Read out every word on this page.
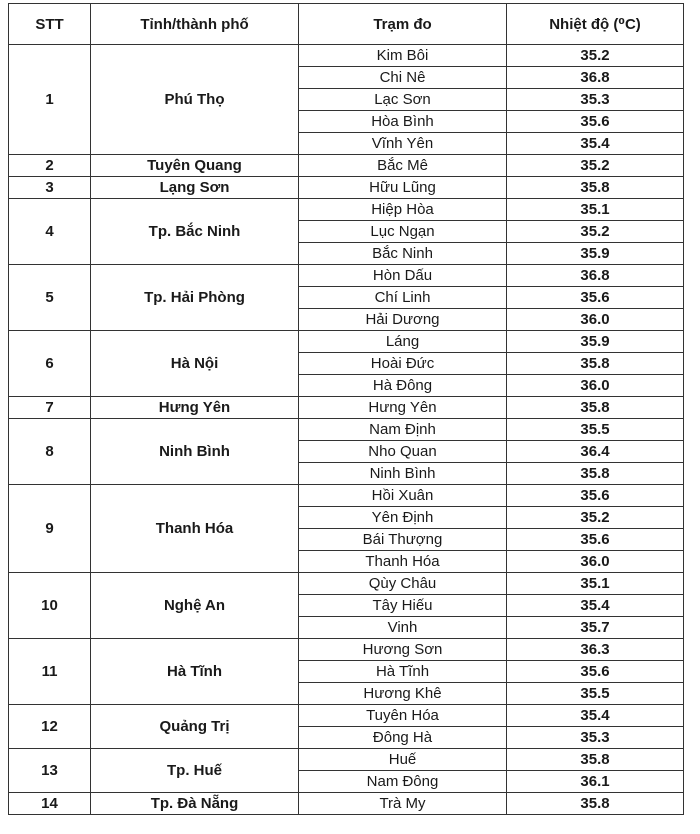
STT	Tỉnh/thành phố	Trạm đo	Nhiệt độ (⁰C)
1	Phú Thọ	Kim Bôi	35.2
		Chi Nê	36.8
		Lạc Sơn	35.3
		Hòa Bình	35.6
		Vĩnh Yên	35.4
2	Tuyên Quang	Bắc Mê	35.2
3	Lạng Sơn	Hữu Lũng	35.8
4	Tp. Bắc Ninh	Hiệp Hòa	35.1
		Lục Ngạn	35.2
		Bắc Ninh	35.9
5	Tp. Hải Phòng	Hòn Dấu	36.8
		Chí Linh	35.6
		Hải Dương	36.0
6	Hà Nội	Láng	35.9
		Hoài Đức	35.8
		Hà Đông	36.0
7	Hưng Yên	Hưng Yên	35.8
8	Ninh Bình	Nam Định	35.5
		Nho Quan	36.4
		Ninh Bình	35.8
9	Thanh Hóa	Hồi Xuân	35.6
		Yên Định	35.2
		Bái Thượng	35.6
		Thanh Hóa	36.0
10	Nghệ An	Qùy Châu	35.1
		Tây Hiếu	35.4
		Vinh	35.7
11	Hà Tĩnh	Hương Sơn	36.3
		Hà Tĩnh	35.6
		Hương Khê	35.5
12	Quảng Trị	Tuyên Hóa	35.4
		Đông Hà	35.3
13	Tp. Huế	Huế	35.8
		Nam Đông	36.1
14	Tp. Đà Nẵng	Trà My	35.8
